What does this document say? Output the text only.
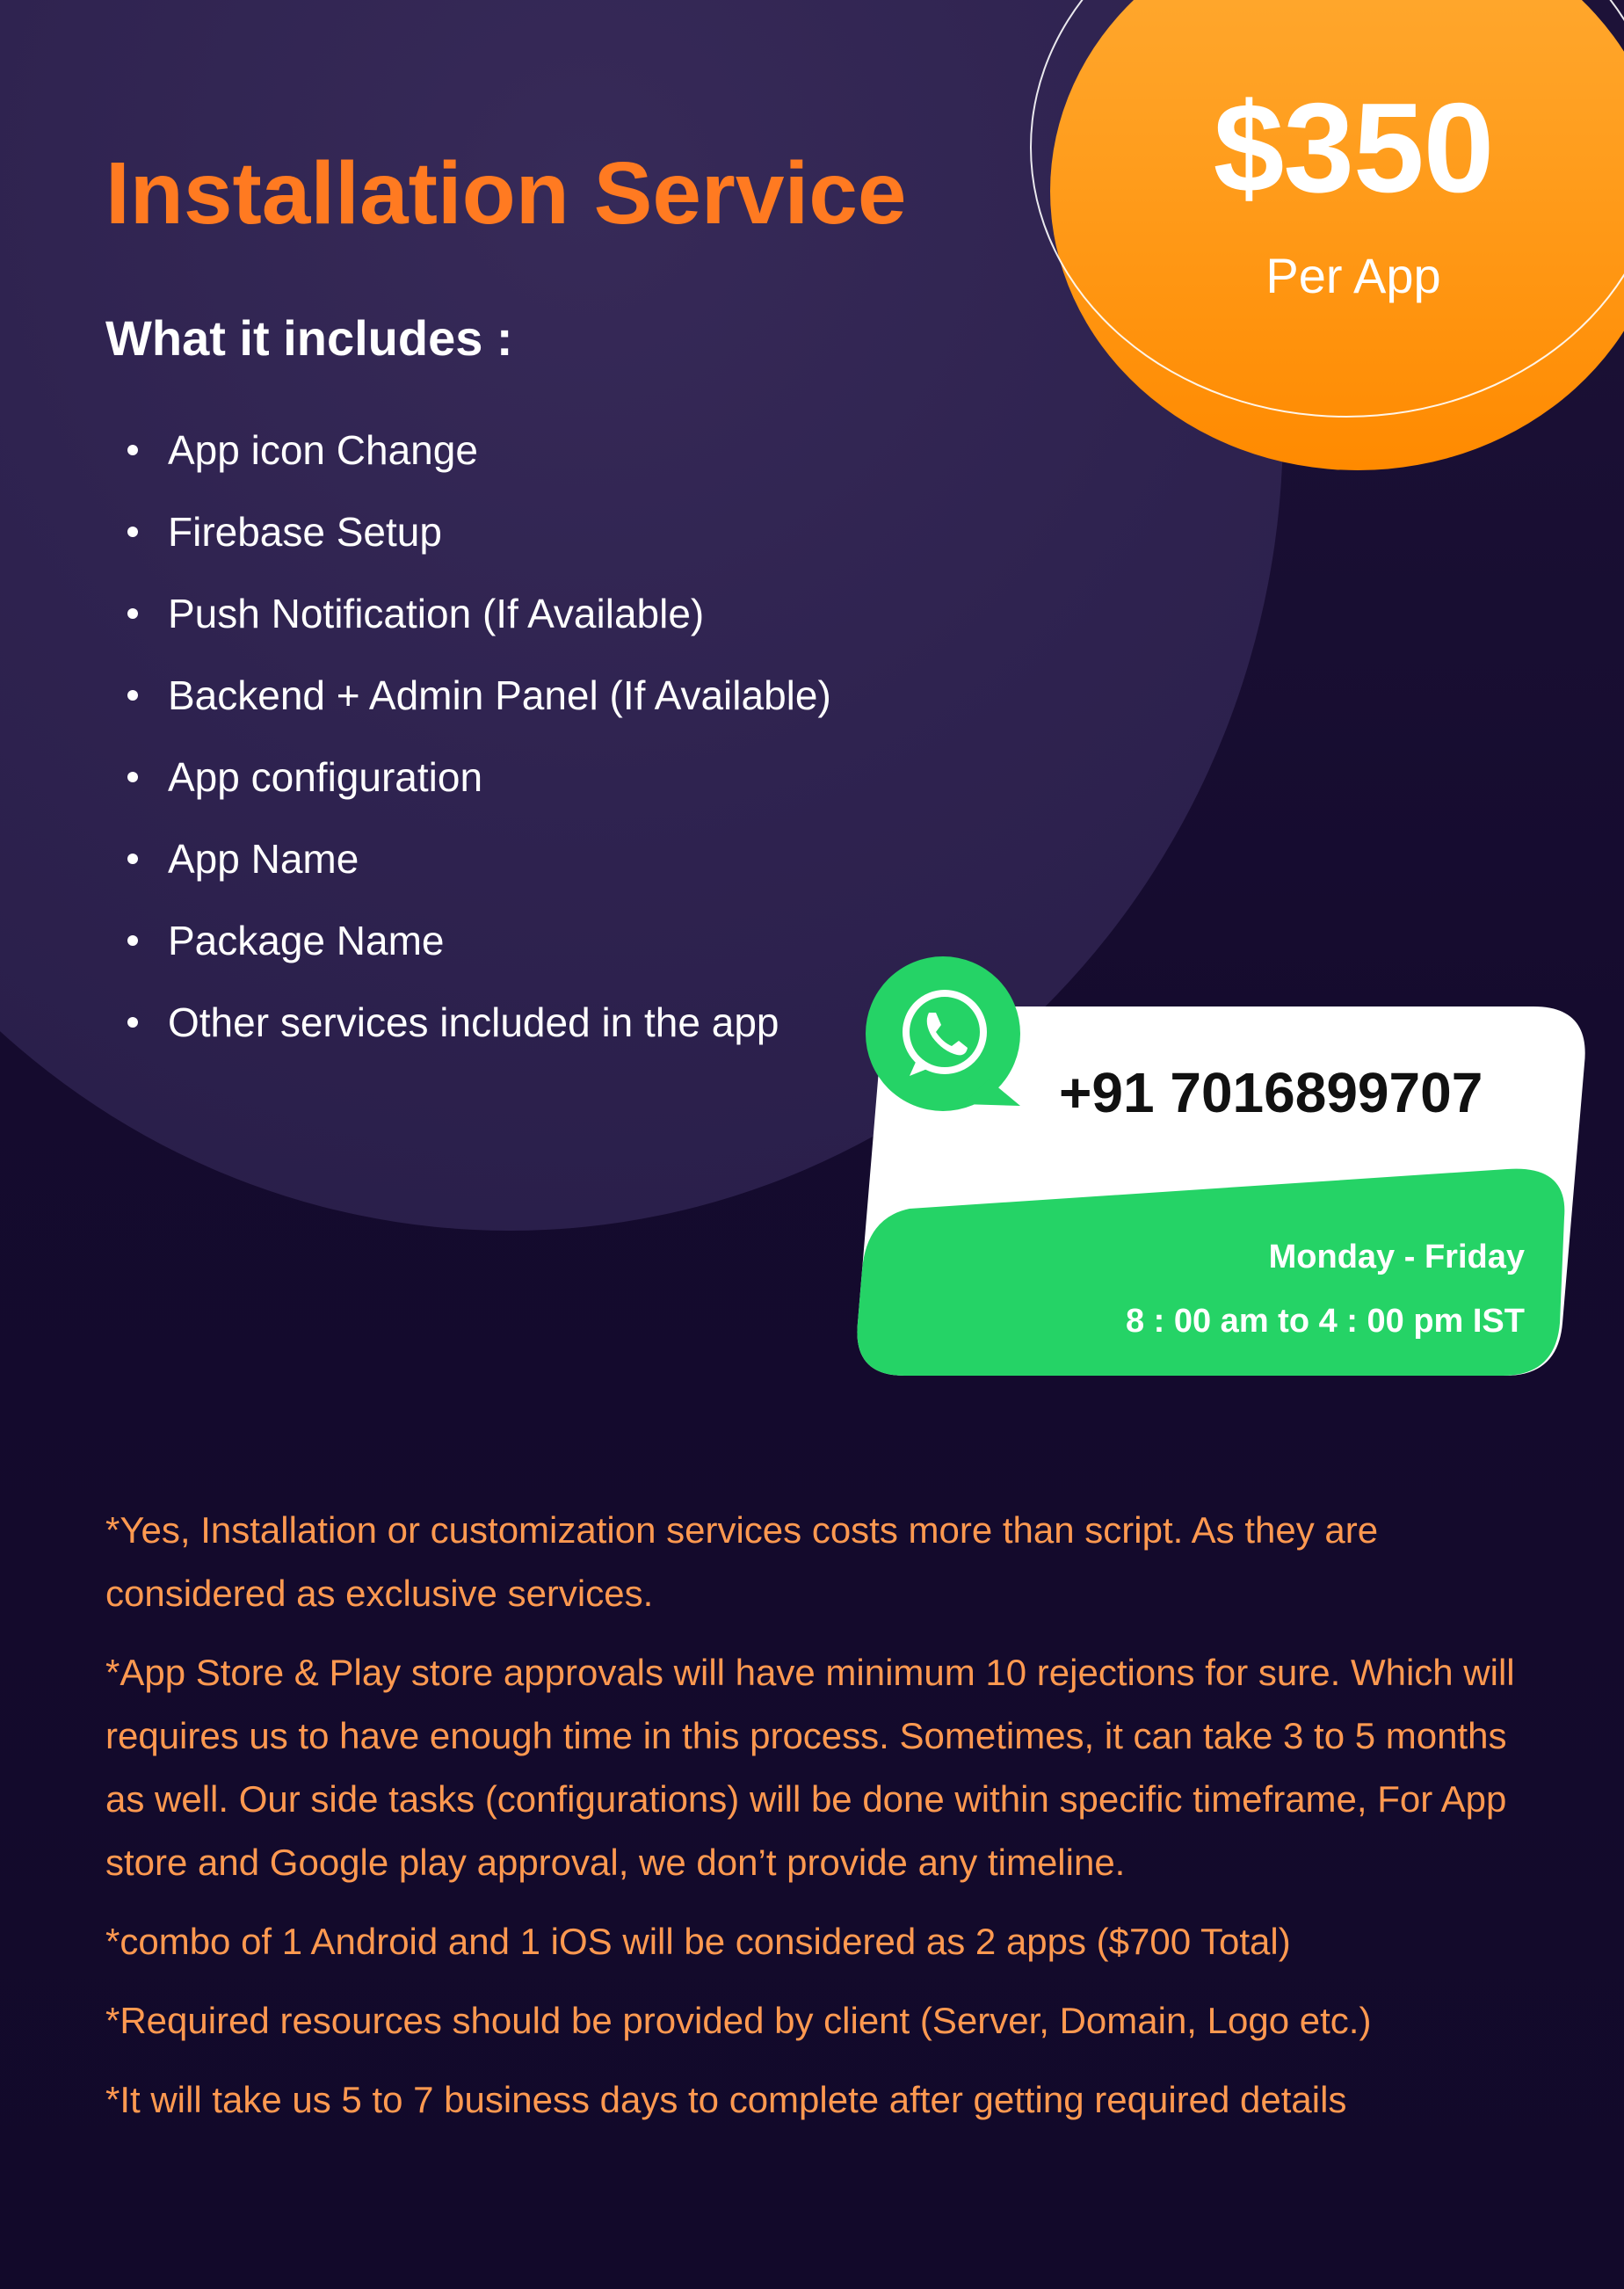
$350
Per App
Installation Service
What it includes :
App icon Change
Firebase Setup
Push Notification (If Available)
Backend + Admin Panel (If Available)
App configuration
App Name
Package Name
Other services included in the app
+91 7016899707
Monday - Friday
8 : 00 am to 4 : 00 pm IST

*Yes, Installation or customization services costs more than script. As they are considered as exclusive services.

*App Store & Play store approvals will have minimum 10 rejections for sure. Which will requires us to have enough time in this process. Sometimes, it can take 3 to 5 months as well. Our side tasks (configurations) will be done within specific timeframe, For App store and Google play approval, we don’t provide any timeline.

*combo of 1 Android and 1 iOS will be considered as 2 apps ($700 Total)

*Required resources should be provided by client (Server, Domain, Logo etc.)

*It will take us 5 to 7 business days to complete after getting required details
